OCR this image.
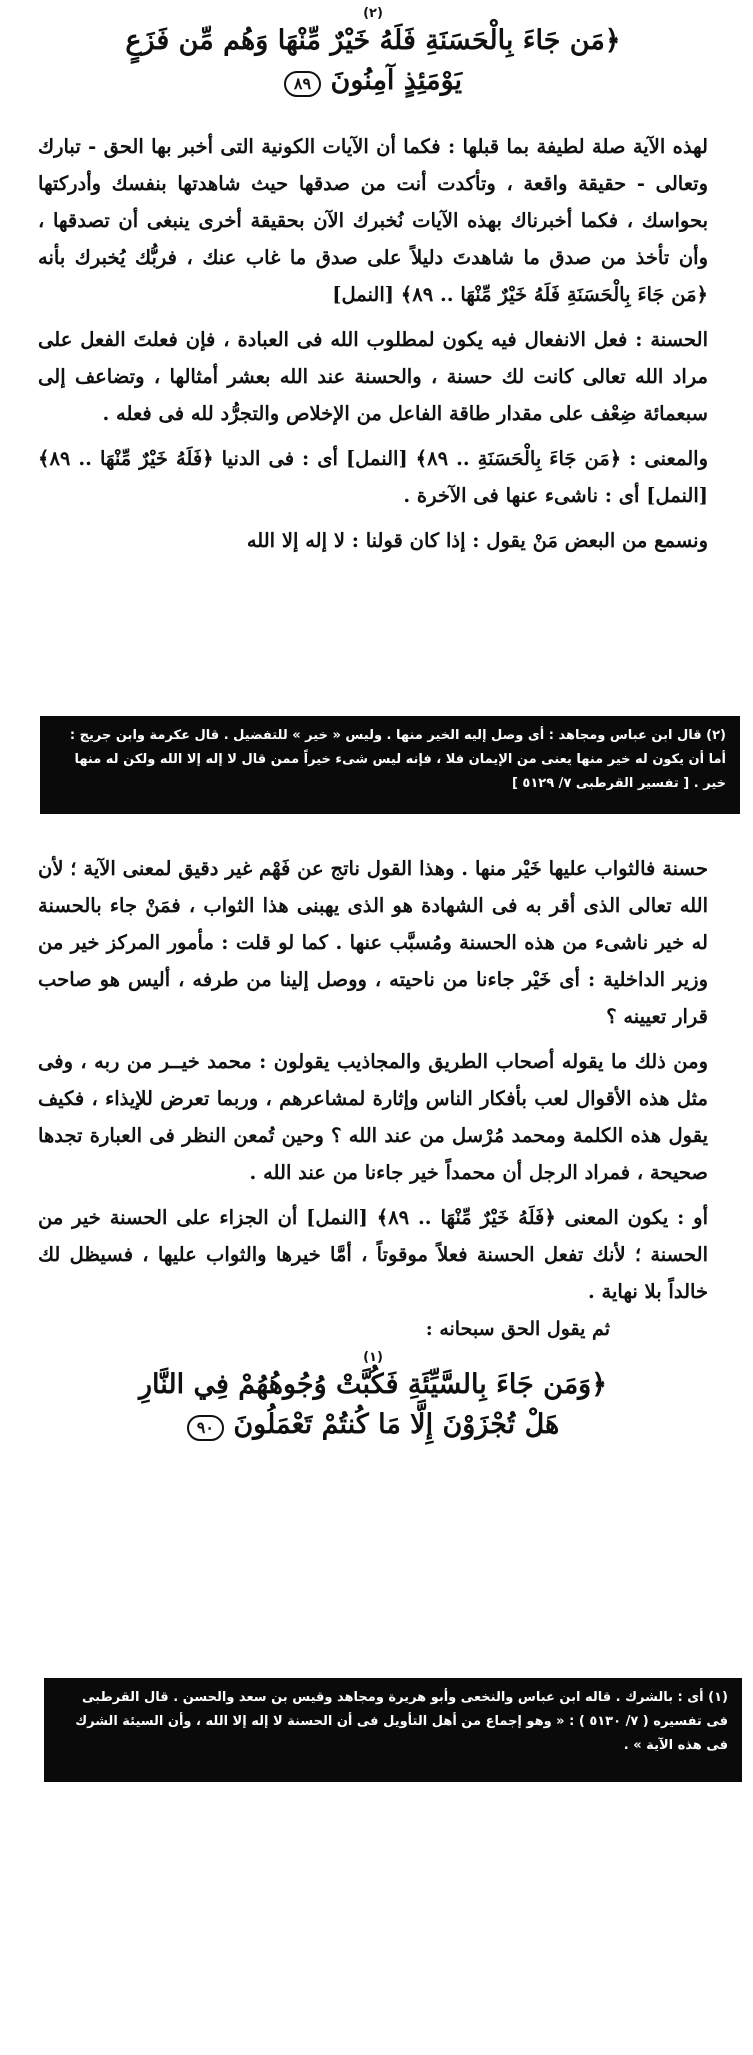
(٢)

﴿مَن جَاءَ بِالْحَسَنَةِ فَلَهُ خَيْرٌ مِّنْهَا وَهُم مِّن فَزَعٍ

يَوْمَئِذٍ آمِنُونَ ٨٩

لهذه الآية صلة لطيفة بما قبلها : فكما أن الآيات الكونية التى أخبر بها الحق - تبارك وتعالى - حقيقة واقعة ، وتأكدت أنت من صدقها حيث شاهدتها بنفسك وأدركتها بحواسك ، فكما أخبرناك بهذه الآيات نُخبرك الآن بحقيقة أخرى ينبغى أن تصدقها ، وأن تأخذ من صدق ما شاهدتَ دليلاً على صدق ما غاب عنك ، فربُّك يُخبرك بأنه ﴿مَن جَاءَ بِالْحَسَنَةِ فَلَهُ خَيْرٌ مِّنْهَا .. ٨٩﴾ [النمل]

الحسنة : فعل الانفعال فيه يكون لمطلوب الله فى العبادة ، فإن فعلتَ الفعل على مراد الله تعالى كانت لك حسنة ، والحسنة عند الله بعشر أمثالها ، وتضاعف إلى سبعمائة ضِعْف على مقدار طاقة الفاعل من الإخلاص والتجرُّد لله فى فعله .

والمعنى : ﴿مَن جَاءَ بِالْحَسَنَةِ .. ٨٩﴾ [النمل] أى : فى الدنيا ﴿فَلَهُ خَيْرٌ مِّنْهَا .. ٨٩﴾ [النمل] أى : ناشىء عنها فى الآخرة .

ونسمع من البعض مَنْ يقول : إذا كان قولنا : لا إله إلا الله

(٢) قال ابن عباس ومجاهد : أى وصل إليه الخير منها . وليس « خير » للتفضيل . قال عكرمة وابن جريج : أما أن يكون له خير منها يعنى من الإيمان فلا ، فإنه ليس شىء خيراً ممن قال لا إله إلا الله ولكن له منها خير . [ تفسير القرطبى ٧/ ٥١٢٩ ]

حسنة فالثواب عليها خَيْر منها . وهذا القول ناتج عن فَهْم غير دقيق لمعنى الآية ؛ لأن الله تعالى الذى أقر به فى الشهادة هو الذى يهبنى هذا الثواب ، فمَنْ جاء بالحسنة له خير ناشىء من هذه الحسنة ومُسبَّب عنها . كما لو قلت : مأمور المركز خير من وزير الداخلية : أى خَيْر جاءنا من ناحيته ، ووصل إلينا من طرفه ، أليس هو صاحب قرار تعيينه ؟

ومن ذلك ما يقوله أصحاب الطريق والمجاذيب يقولون : محمد خيــر من ربه ، وفى مثل هذه الأقوال لعب بأفكار الناس وإثارة لمشاعرهم ، وربما تعرض للإيذاء ، فكيف يقول هذه الكلمة ومحمد مُرْسل من عند الله ؟ وحين تُمعن النظر فى العبارة تجدها صحيحة ، فمراد الرجل أن محمداً خير جاءنا من عند الله .

أو : يكون المعنى ﴿فَلَهُ خَيْرٌ مِّنْهَا .. ٨٩﴾ [النمل] أن الجزاء على الحسنة خير من الحسنة ؛ لأنك تفعل الحسنة فعلاً موقوتاً ، أمَّا خيرها والثواب عليها ، فسيظل لك خالداً بلا نهاية .

ثم يقول الحق سبحانه :

(١)

﴿وَمَن جَاءَ بِالسَّيِّئَةِ فَكُبَّتْ وُجُوهُهُمْ فِي النَّارِ

هَلْ تُجْزَوْنَ إِلَّا مَا كُنتُمْ تَعْمَلُونَ ٩٠

(١) أى : بالشرك . قاله ابن عباس والنخعى وأبو هريرة ومجاهد وقيس بن سعد والحسن . قال القرطبى فى تفسيره ( ٧/ ٥١٣٠ ) : « وهو إجماع من أهل التأويل فى أن الحسنة لا إله إلا الله ، وأن السيئة الشرك فى هذه الآية » .
